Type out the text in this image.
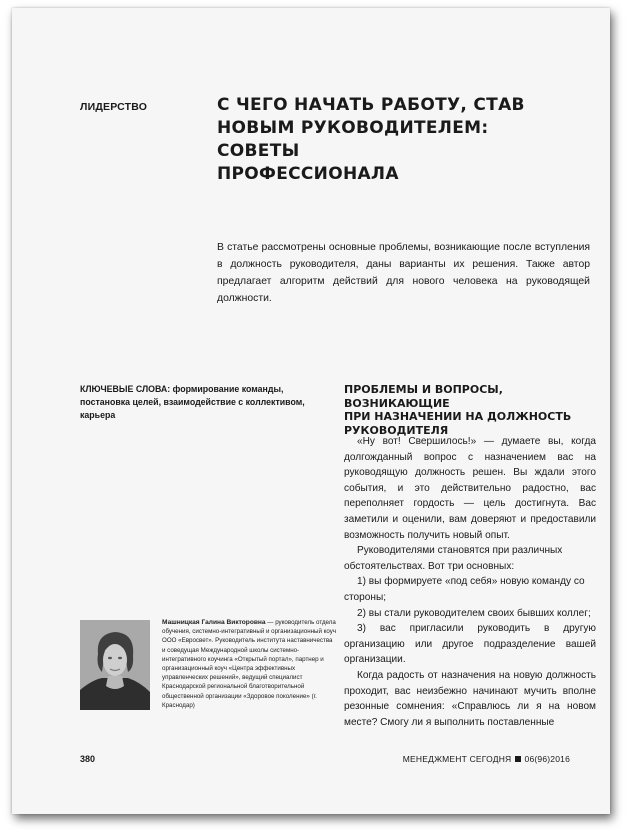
ЛИДЕРСТВО	С ЧЕГО НАЧАТЬ РАБОТУ, СТАВ
НОВЫМ РУКОВОДИТЕЛЕМ: СОВЕТЫ
ПРОФЕССИОНАЛА

В статье рассмотрены основные проблемы, возникающие после вступления в должность руководителя, даны варианты их решения. Также автор предлагает алгоритм действий для нового человека на руководящей должности.

КЛЮЧЕВЫЕ СЛОВА: формирование команды, постановка целей, взаимодействие с коллективом, карьера

ПРОБЛЕМЫ И ВОПРОСЫ, ВОЗНИКАЮЩИЕ
ПРИ НАЗНАЧЕНИИ НА ДОЛЖНОСТЬ
РУКОВОДИТЕЛЯ

«Ну вот! Свершилось!» — думаете вы, когда долгожданный вопрос с назначением вас на руководящую должность решен. Вы ждали этого события, и это действительно радостно, вас переполняет гордость — цель достигнута. Вас заметили и оценили, вам доверяют и предоставили возможность получить новый опыт.

Руководителями становятся при различных обстоятельствах. Вот три основных:

1) вы формируете «под себя» новую команду со стороны;

2) вы стали руководителем своих бывших коллег;

3) вас пригласили руководить в другую организацию или другое подразделение вашей организации.

Когда радость от назначения на новую должность проходит, вас неизбежно начинают мучить вполне резонные сомнения: «Справлюсь ли я на новом месте? Смогу ли я выполнить поставленные

Машницкая Галина Викторовна — руководитель отдела обучения, системно-интегративный и организационный коуч ООО «Евросвет». Руководитель института наставничества и соведущая Международной школы системно-интегративного коучинга «Открытый портал», партнер и организационный коуч «Центра эффективных управленческих решений», ведущий специалист Краснодарской региональной благотворительной общественной организации «Здоровое поколение» (г. Краснодар)

380	МЕНЕДЖМЕНТ СЕГОДНЯ 06(96)2016
